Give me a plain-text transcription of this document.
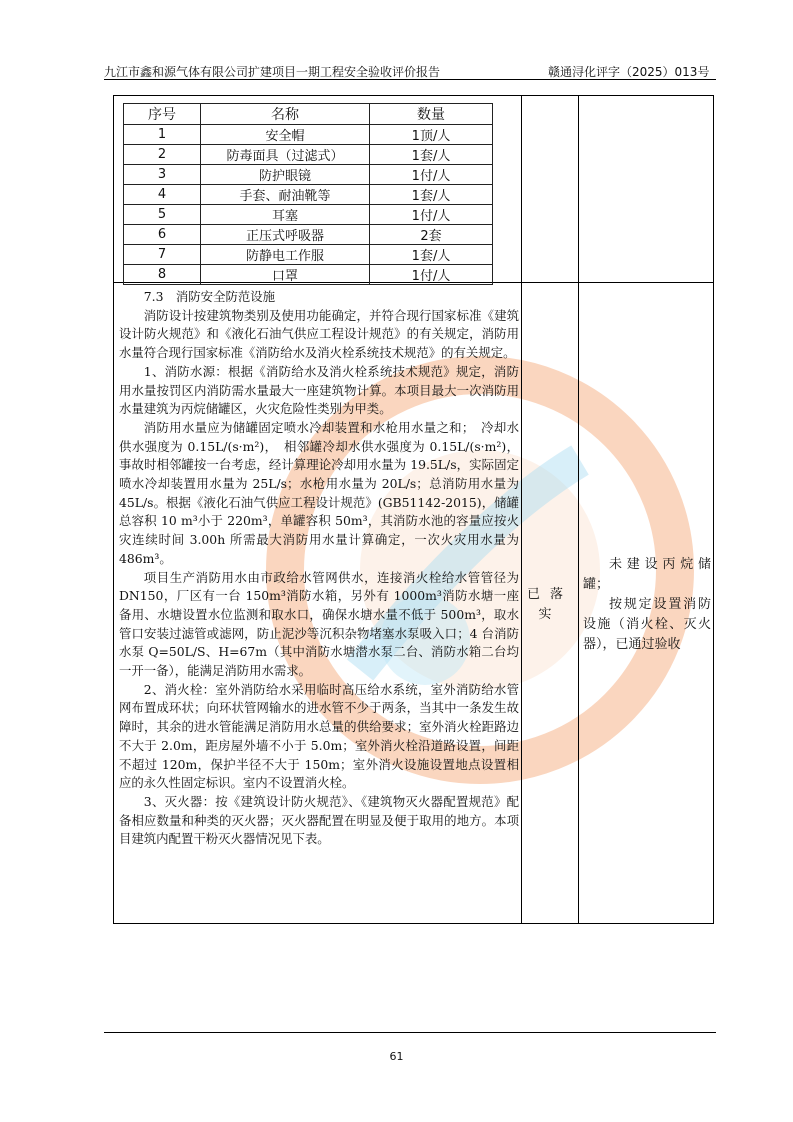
九江市鑫和源气体有限公司扩建项目一期工程安全验收评价报告	赣通浔化评字（2025）013号
序号	名称	数量
1	安全帽	1顶/人
2	防毒面具（过滤式）	1套/人
3	防护眼镜	1付/人
4	手套、耐油靴等	1套/人
5	耳塞	1付/人
6	正压式呼吸器	2套
7	防静电工作服	1套/人
8	口罩	1付/人

7.3　消防安全防范设施

消防设计按建筑物类别及使用功能确定，并符合现行国家标准《建筑设计防火规范》和《液化石油气供应工程设计规范》的有关规定，消防用水量符合现行国家标准《消防给水及消火栓系统技术规范》的有关规定。

1、消防水源：根据《消防给水及消火栓系统技术规范》规定，消防用水量按罚区内消防需水量最大一座建筑物计算。本项目最大一次消防用水量建筑为丙烷储罐区，火灾危险性类别为甲类。

消防用水量应为储罐固定喷水冷却装置和水枪用水量之和；　冷却水供水强度为 0.15L/(s·m²)，　相邻罐冷却水供水强度为 0.15L/(s·m²)，事故时相邻罐按一台考虑，经计算理论冷却用水量为 19.5L/s，实际固定喷水冷却装置用水量为 25L/s；水枪用水量为 20L/s；总消防用水量为 45L/s。根据《液化石油气供应工程设计规范》(GB51142-2015)，储罐总容积 10 m³小于 220m³，单罐容积 50m³，其消防水池的容量应按火灾连续时间 3.00h 所需最大消防用水量计算确定，一次火灾用水量为 486m³。

项目生产消防用水由市政给水管网供水，连接消火栓给水管管径为 DN150，厂区有一台 150m³消防水箱，另外有 1000m³消防水塘一座备用、水塘设置水位监测和取水口，确保水塘水量不低于 500m³，取水管口安装过滤管或滤网，防止泥沙等沉积杂物堵塞水泵吸入口；4 台消防水泵 Q=50L/S、H=67m（其中消防水塘潜水泵二台、消防水箱二台均一开一备），能满足消防用水需求。

2、消火栓：室外消防给水采用临时高压给水系统，室外消防给水管网布置成环状；向环状管网输水的进水管不少于两条，当其中一条发生故障时，其余的进水管能满足消防用水总量的供给要求；室外消火栓距路边不大于 2.0m，距房屋外墙不小于 5.0m；室外消火栓沿道路设置，间距不超过 120m，保护半径不大于 150m；室外消火设施设置地点设置相应的永久性固定标识。室内不设置消火栓。

3、灭火器：按《建筑设计防火规范》、《建筑物灭火器配置规范》配备相应数量和种类的灭火器；灭火器配置在明显及便于取用的地方。本项目建筑内配置干粉灭火器情况见下表。

已落实

未建设丙烷储罐；

按规定设置消防设施（消火栓、灭火器），已通过验收

61
